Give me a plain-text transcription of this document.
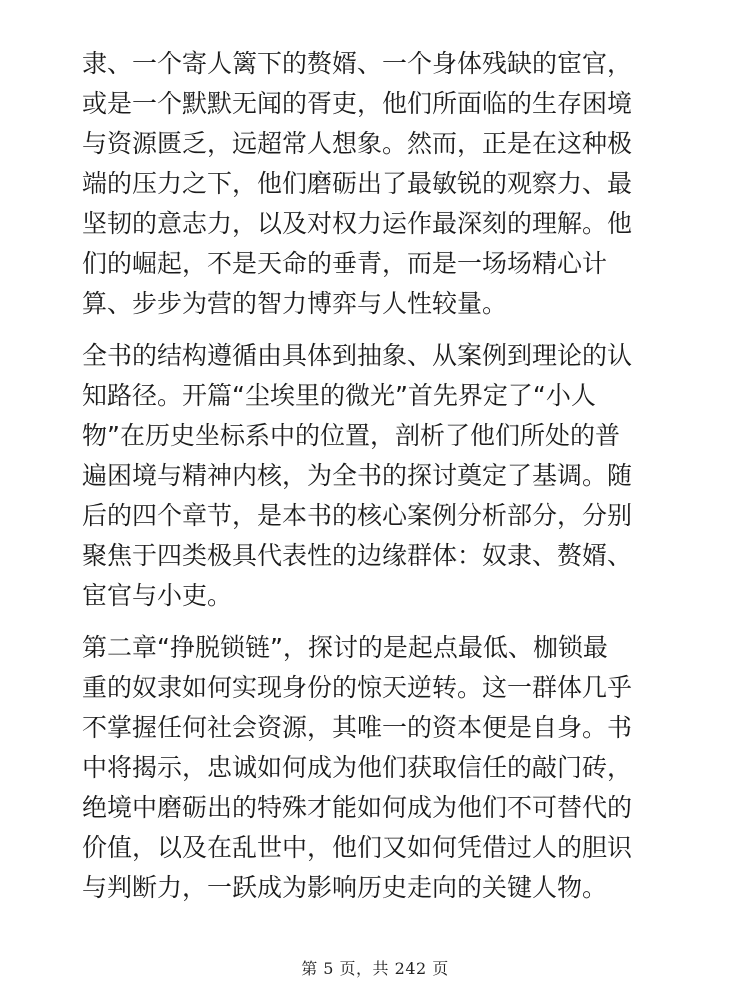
隶、一个寄人篱下的赘婿、一个身体残缺的宦官，
或是一个默默无闻的胥吏，他们所面临的生存困境
与资源匮乏，远超常人想象。然而，正是在这种极
端的压力之下，他们磨砺出了最敏锐的观察力、最
坚韧的意志力，以及对权力运作最深刻的理解。他
们的崛起，不是天命的垂青，而是一场场精心计
算、步步为营的智力博弈与人性较量。

全书的结构遵循由具体到抽象、从案例到理论的认
知路径。开篇“尘埃里的微光”首先界定了“小人
物”在历史坐标系中的位置，剖析了他们所处的普
遍困境与精神内核，为全书的探讨奠定了基调。随
后的四个章节，是本书的核心案例分析部分，分别
聚焦于四类极具代表性的边缘群体：奴隶、赘婿、
宦官与小吏。

第二章“挣脱锁链”，探讨的是起点最低、枷锁最
重的奴隶如何实现身份的惊天逆转。这一群体几乎
不掌握任何社会资源，其唯一的资本便是自身。书
中将揭示，忠诚如何成为他们获取信任的敲门砖，
绝境中磨砺出的特殊才能如何成为他们不可替代的
价值，以及在乱世中，他们又如何凭借过人的胆识
与判断力，一跃成为影响历史走向的关键人物。

第 5 页，共 242 页
